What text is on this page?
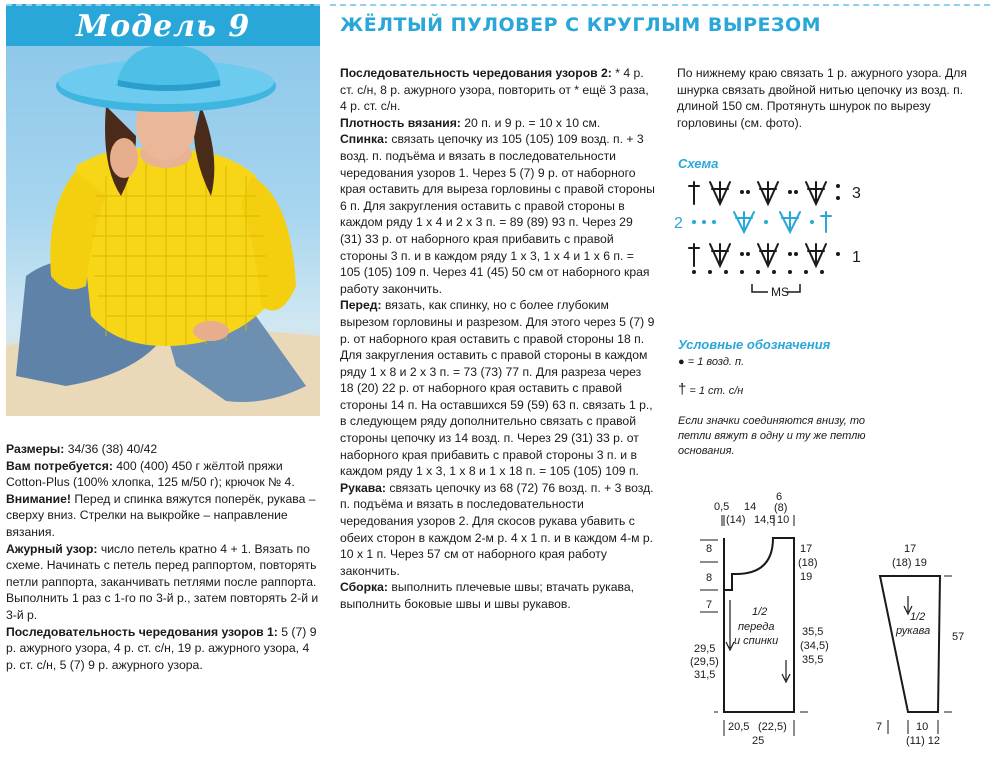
Модель 9	ЖЁЛТЫЙ ПУЛОВЕР С КРУГЛЫМ ВЫРЕЗОМ

Размеры: 34/36 (38) 40/42

Вам потребуется: 400 (400) 450 г жёлтой пряжи Cotton-Plus (100% хлопка, 125 м/50 г); крючок № 4.

Внимание! Перед и спинка вяжутся поперёк, рукава – сверху вниз. Стрелки на выкройке – направление вязания.

Ажурный узор: число петель кратно 4 + 1. Вязать по схеме. Начинать с петель перед раппортом, повторять петли раппорта, заканчивать петлями после раппорта. Выполнить 1 раз с 1-го по 3-й р., затем повторять 2-й и 3-й р.

Последовательность чередования узоров 1: 5 (7) 9 р. ажурного узора, 4 р. ст. с/н, 19 р. ажурного узора, 4 р. ст. с/н, 5 (7) 9 р. ажурного узора.

Последовательность чередования узоров 2: * 4 р. ст. с/н, 8 р. ажурного узора, повторить от * ещё 3 раза, 4 р. ст. с/н.

Плотность вязания: 20 п. и 9 р. = 10 х 10 см.

Спинка: связать цепочку из 105 (105) 109 возд. п. + 3 возд. п. подъёма и вязать в последовательности чередования узоров 1. Через 5 (7) 9 р. от наборного края оставить для выреза горловины с правой стороны 6 п. Для закругления оставить с правой стороны в каждом ряду 1 х 4 и 2 х 3 п. = 89 (89) 93 п. Через 29 (31) 33 р. от наборного края прибавить с правой стороны 3 п. и в каждом ряду 1 х 3, 1 х 4 и 1 х 6 п. = 105 (105) 109 п. Через 41 (45) 50 см от наборного края работу закончить.

Перед: вязать, как спинку, но с более глубоким вырезом горловины и разрезом. Для этого через 5 (7) 9 р. от наборного края оставить с правой стороны 18 п. Для закругления оставить с правой стороны в каждом ряду 1 х 8 и 2 х 3 п. = 73 (73) 77 п. Для разреза через 18 (20) 22 р. от наборного края оставить с правой стороны 14 п. На оставшихся 59 (59) 63 п. связать 1 р., в следующем ряду дополнительно связать с правой стороны цепочку из 14 возд. п. Через 29 (31) 33 р. от наборного края прибавить с правой стороны 3 п. и в каждом ряду 1 х 3, 1 х 8 и 1 х 18 п. = 105 (105) 109 п.

Рукава: связать цепочку из 68 (72) 76 возд. п. + 3 возд. п. подъёма и вязать в последовательности чередования узоров 2. Для скосов рукава убавить с обеих сторон в каждом 2-м р. 4 х 1 п. и в каждом 4-м р. 10 х 1 п. Через 57 см от наборного края работу закончить.

Сборка: выполнить плечевые швы; втачать рукава, выполнить боковые швы и швы рукавов.

По нижнему краю связать 1 р. ажурного узора. Для шнурка связать двойной нитью цепочку из возд. п. длиной 150 см. Протянуть шнурок по вырезу горловины (см. фото).

Схема
MS
3
2
1
Условные обозначения
● = 1 возд. п.
† = 1 ст. с/н
Если значки соединяются внизу, то петли вяжут в одну и ту же петлю основания.
0,5 14
6
(14) 14,5
(8)
10
8
8
7
29,5
(29,5)
31,5
17
(18)
19
35,5
(34,5)
35,5
1/2
переда
и спинки
20,5 (22,5)
25
17
(18) 19
1/2
рукава 57
7	10
(11) 12
